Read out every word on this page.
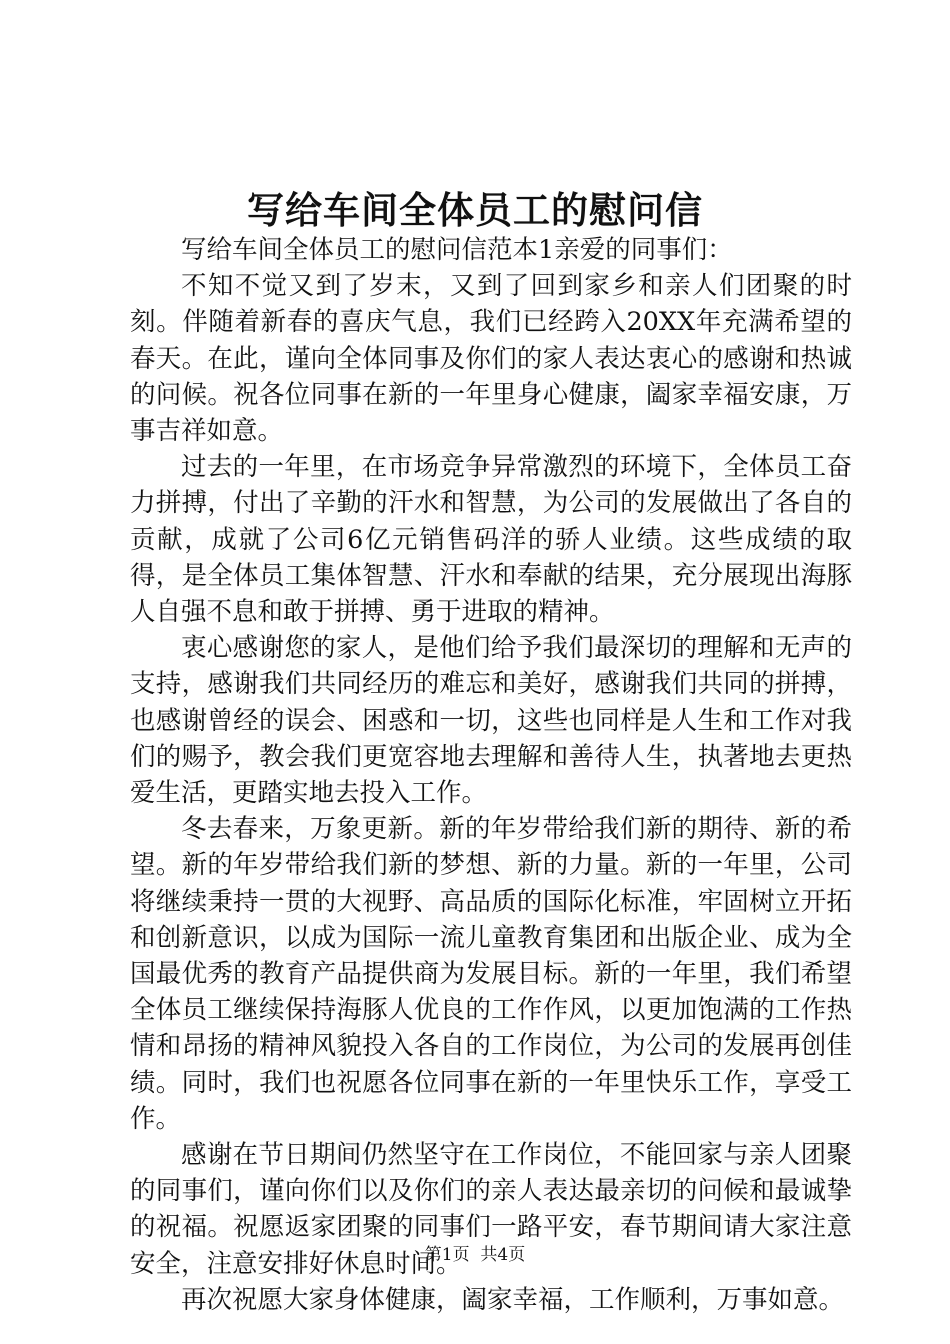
写给车间全体员工的慰问信

写给车间全体员工的慰问信范本1亲爱的同事们：

不知不觉又到了岁末，又到了回到家乡和亲人们团聚的时刻。伴随着新春的喜庆气息，我们已经跨入20XX年充满希望的春天。在此，谨向全体同事及你们的家人表达衷心的感谢和热诚的问候。祝各位同事在新的一年里身心健康，阖家幸福安康，万事吉祥如意。

过去的一年里，在市场竞争异常激烈的环境下，全体员工奋力拼搏，付出了辛勤的汗水和智慧，为公司的发展做出了各自的贡献，成就了公司6亿元销售码洋的骄人业绩。这些成绩的取得，是全体员工集体智慧、汗水和奉献的结果，充分展现出海豚人自强不息和敢于拼搏、勇于进取的精神。

衷心感谢您的家人，是他们给予我们最深切的理解和无声的支持，感谢我们共同经历的难忘和美好，感谢我们共同的拼搏，也感谢曾经的误会、困惑和一切，这些也同样是人生和工作对我们的赐予，教会我们更宽容地去理解和善待人生，执著地去更热爱生活，更踏实地去投入工作。

冬去春来，万象更新。新的年岁带给我们新的期待、新的希望。新的年岁带给我们新的梦想、新的力量。新的一年里，公司将继续秉持一贯的大视野、高品质的国际化标准，牢固树立开拓和创新意识，以成为国际一流儿童教育集团和出版企业、成为全国最优秀的教育产品提供商为发展目标。新的一年里，我们希望全体员工继续保持海豚人优良的工作作风，以更加饱满的工作热情和昂扬的精神风貌投入各自的工作岗位，为公司的发展再创佳绩。同时，我们也祝愿各位同事在新的一年里快乐工作，享受工作。

感谢在节日期间仍然坚守在工作岗位，不能回家与亲人团聚的同事们，谨向你们以及你们的亲人表达最亲切的问候和最诚挚的祝福。祝愿返家团聚的同事们一路平安，春节期间请大家注意安全，注意安排好休息时间。

再次祝愿大家身体健康，阖家幸福，工作顺利，万事如意。

第1页  共4页
